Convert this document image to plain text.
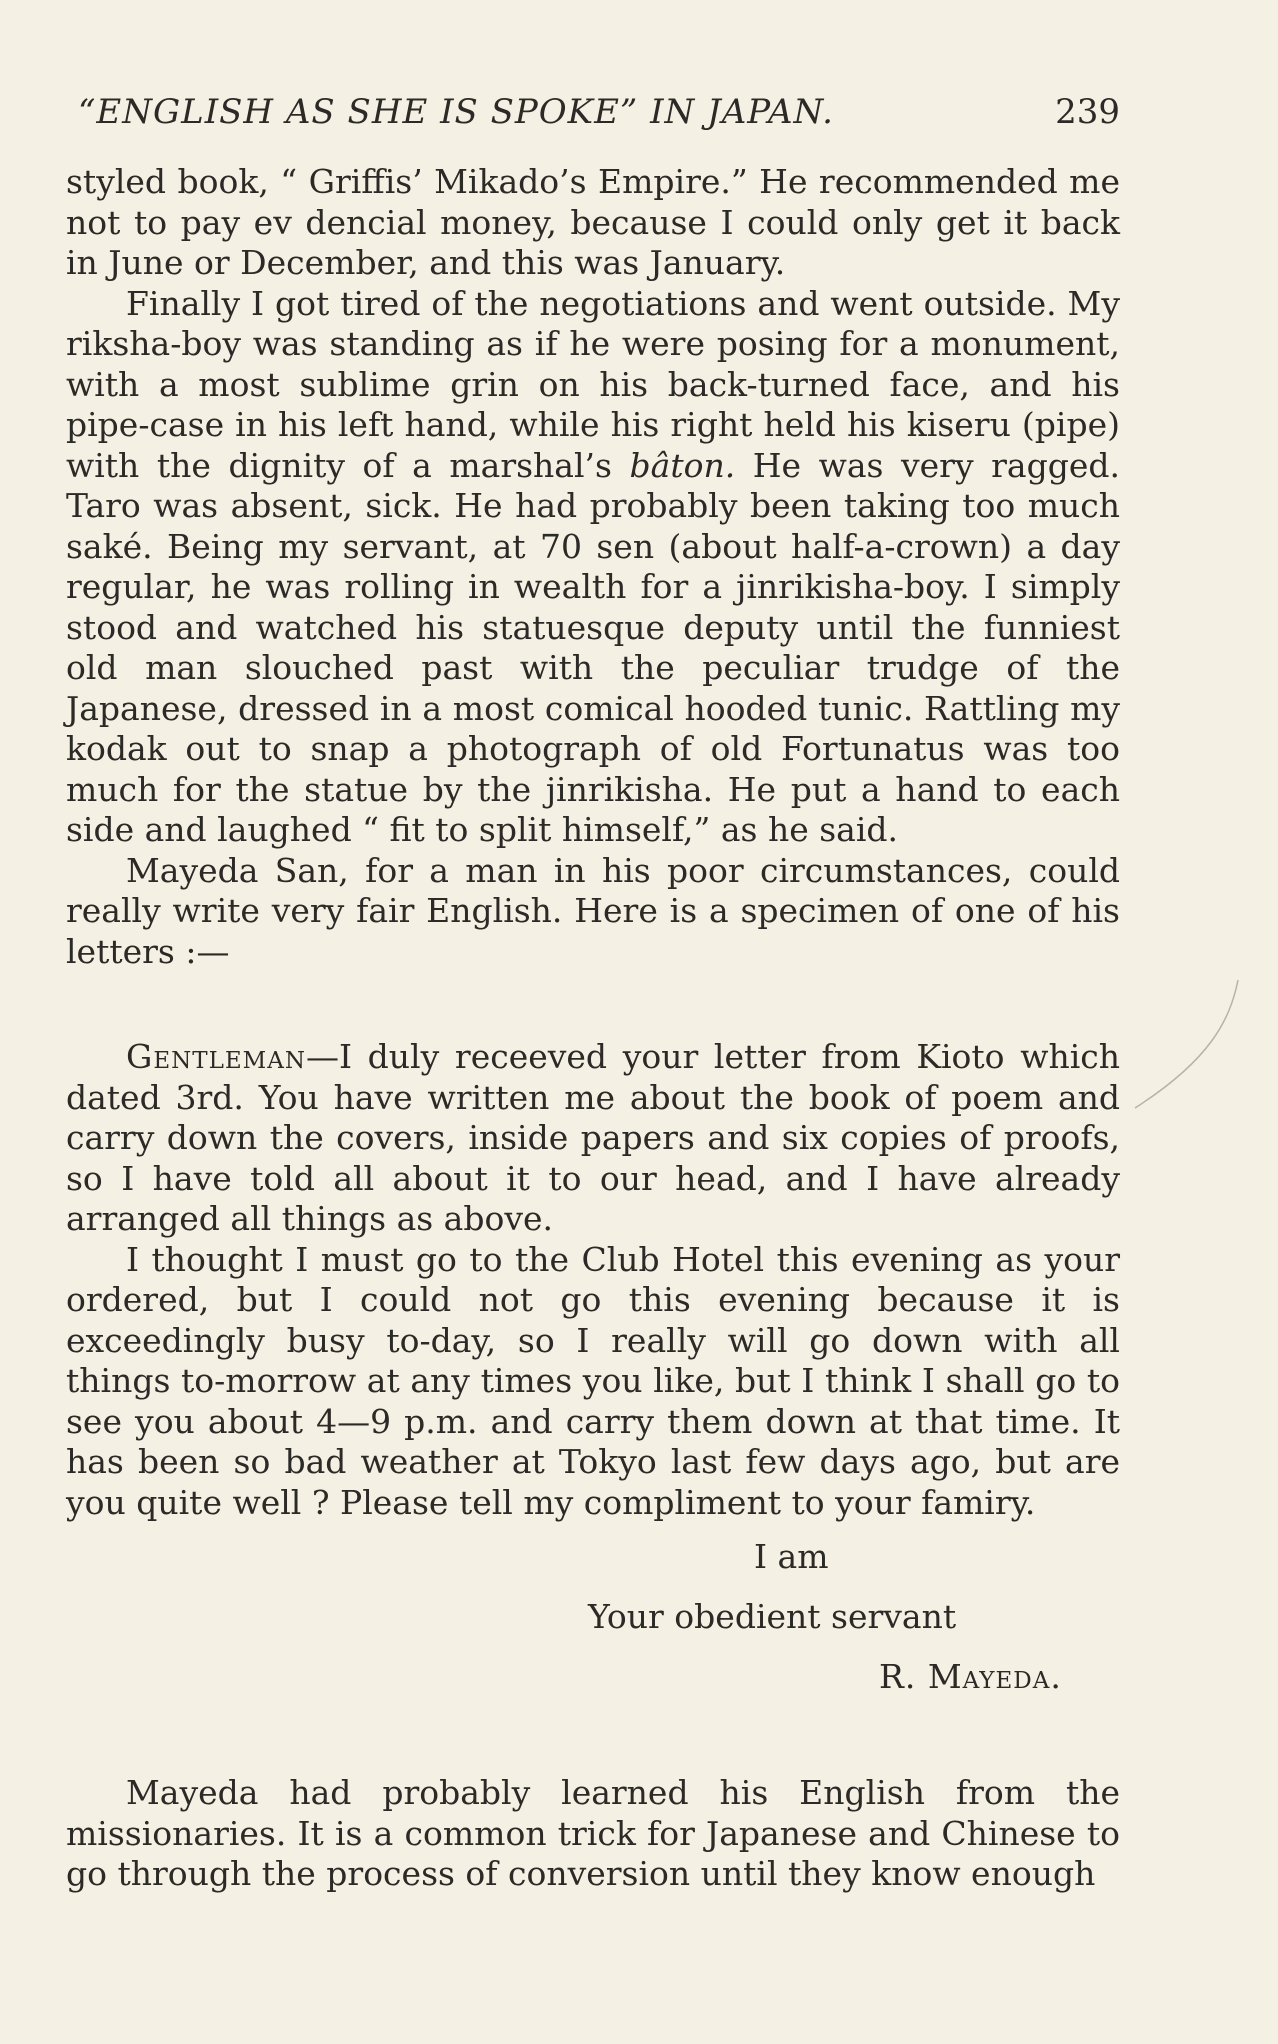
“ENGLISH AS SHE IS SPOKE” IN JAPAN.	239

styled book, “ Griffis’ Mikado’s Empire.” He recommended me not to pay ev dencial money, because I could only get it back in June or December, and this was January.

Finally I got tired of the negotiations and went outside. My riksha-boy was standing as if he were posing for a monument, with a most sublime grin on his back-turned face, and his pipe-case in his left hand, while his right held his kiseru (pipe) with the dignity of a marshal’s bâton. He was very ragged. Taro was absent, sick. He had probably been taking too much saké. Being my servant, at 70 sen (about half-a-crown) a day regular, he was rolling in wealth for a jinrikisha-boy. I simply stood and watched his statuesque deputy until the funniest old man slouched past with the peculiar trudge of the Japanese, dressed in a most comical hooded tunic. Rattling my kodak out to snap a photograph of old Fortunatus was too much for the statue by the jinrikisha. He put a hand to each side and laughed “ fit to split himself,” as he said.

Mayeda San, for a man in his poor circumstances, could really write very fair English. Here is a specimen of one of his letters :—

Gentleman—I duly receeved your letter from Kioto which dated 3rd. You have written me about the book of poem and carry down the covers, inside papers and six copies of proofs, so I have told all about it to our head, and I have already arranged all things as above.

I thought I must go to the Club Hotel this evening as your ordered, but I could not go this evening because it is exceedingly busy to-day, so I really will go down with all things to-morrow at any times you like, but I think I shall go to see you about 4—9 p.m. and carry them down at that time. It has been so bad weather at Tokyo last few days ago, but are you quite well ? Please tell my compliment to your famiry.

I am

Your obedient servant

R. Mayeda.

Mayeda had probably learned his English from the missionaries. It is a common trick for Japanese and Chinese to go through the process of conversion until they know enough
